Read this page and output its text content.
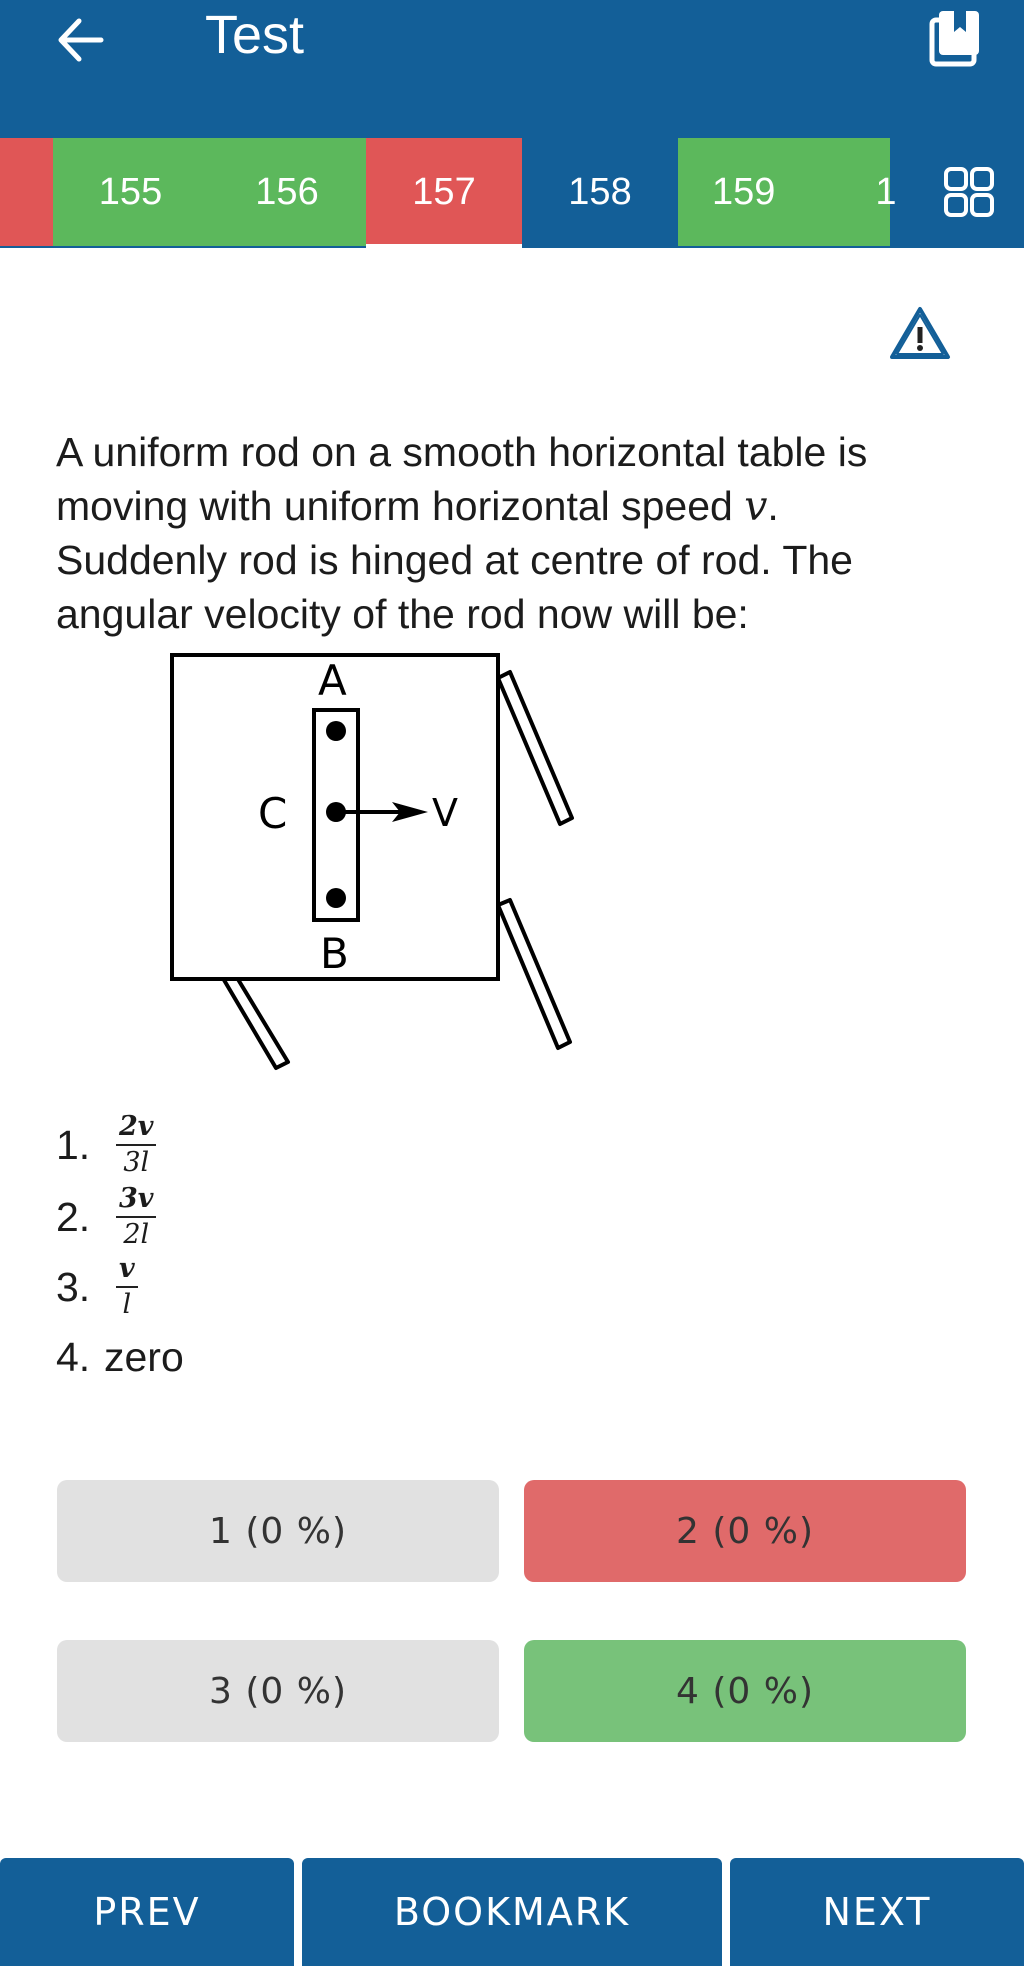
Test
155	156	157	158	159	1
A uniform rod on a smooth horizontal table is moving with uniform horizontal speed v. Suddenly rod is hinged at centre of rod. The angular velocity of the rod now will be:
A
C	V
B
1. $\frac{2v}{3l}$
2. $\frac{3v}{2l}$
3. $\frac{v}{l}$
4. zero
1 (0 %)	2 (0 %)
3 (0 %)	4 (0 %)
PREV	BOOKMARK	NEXT
